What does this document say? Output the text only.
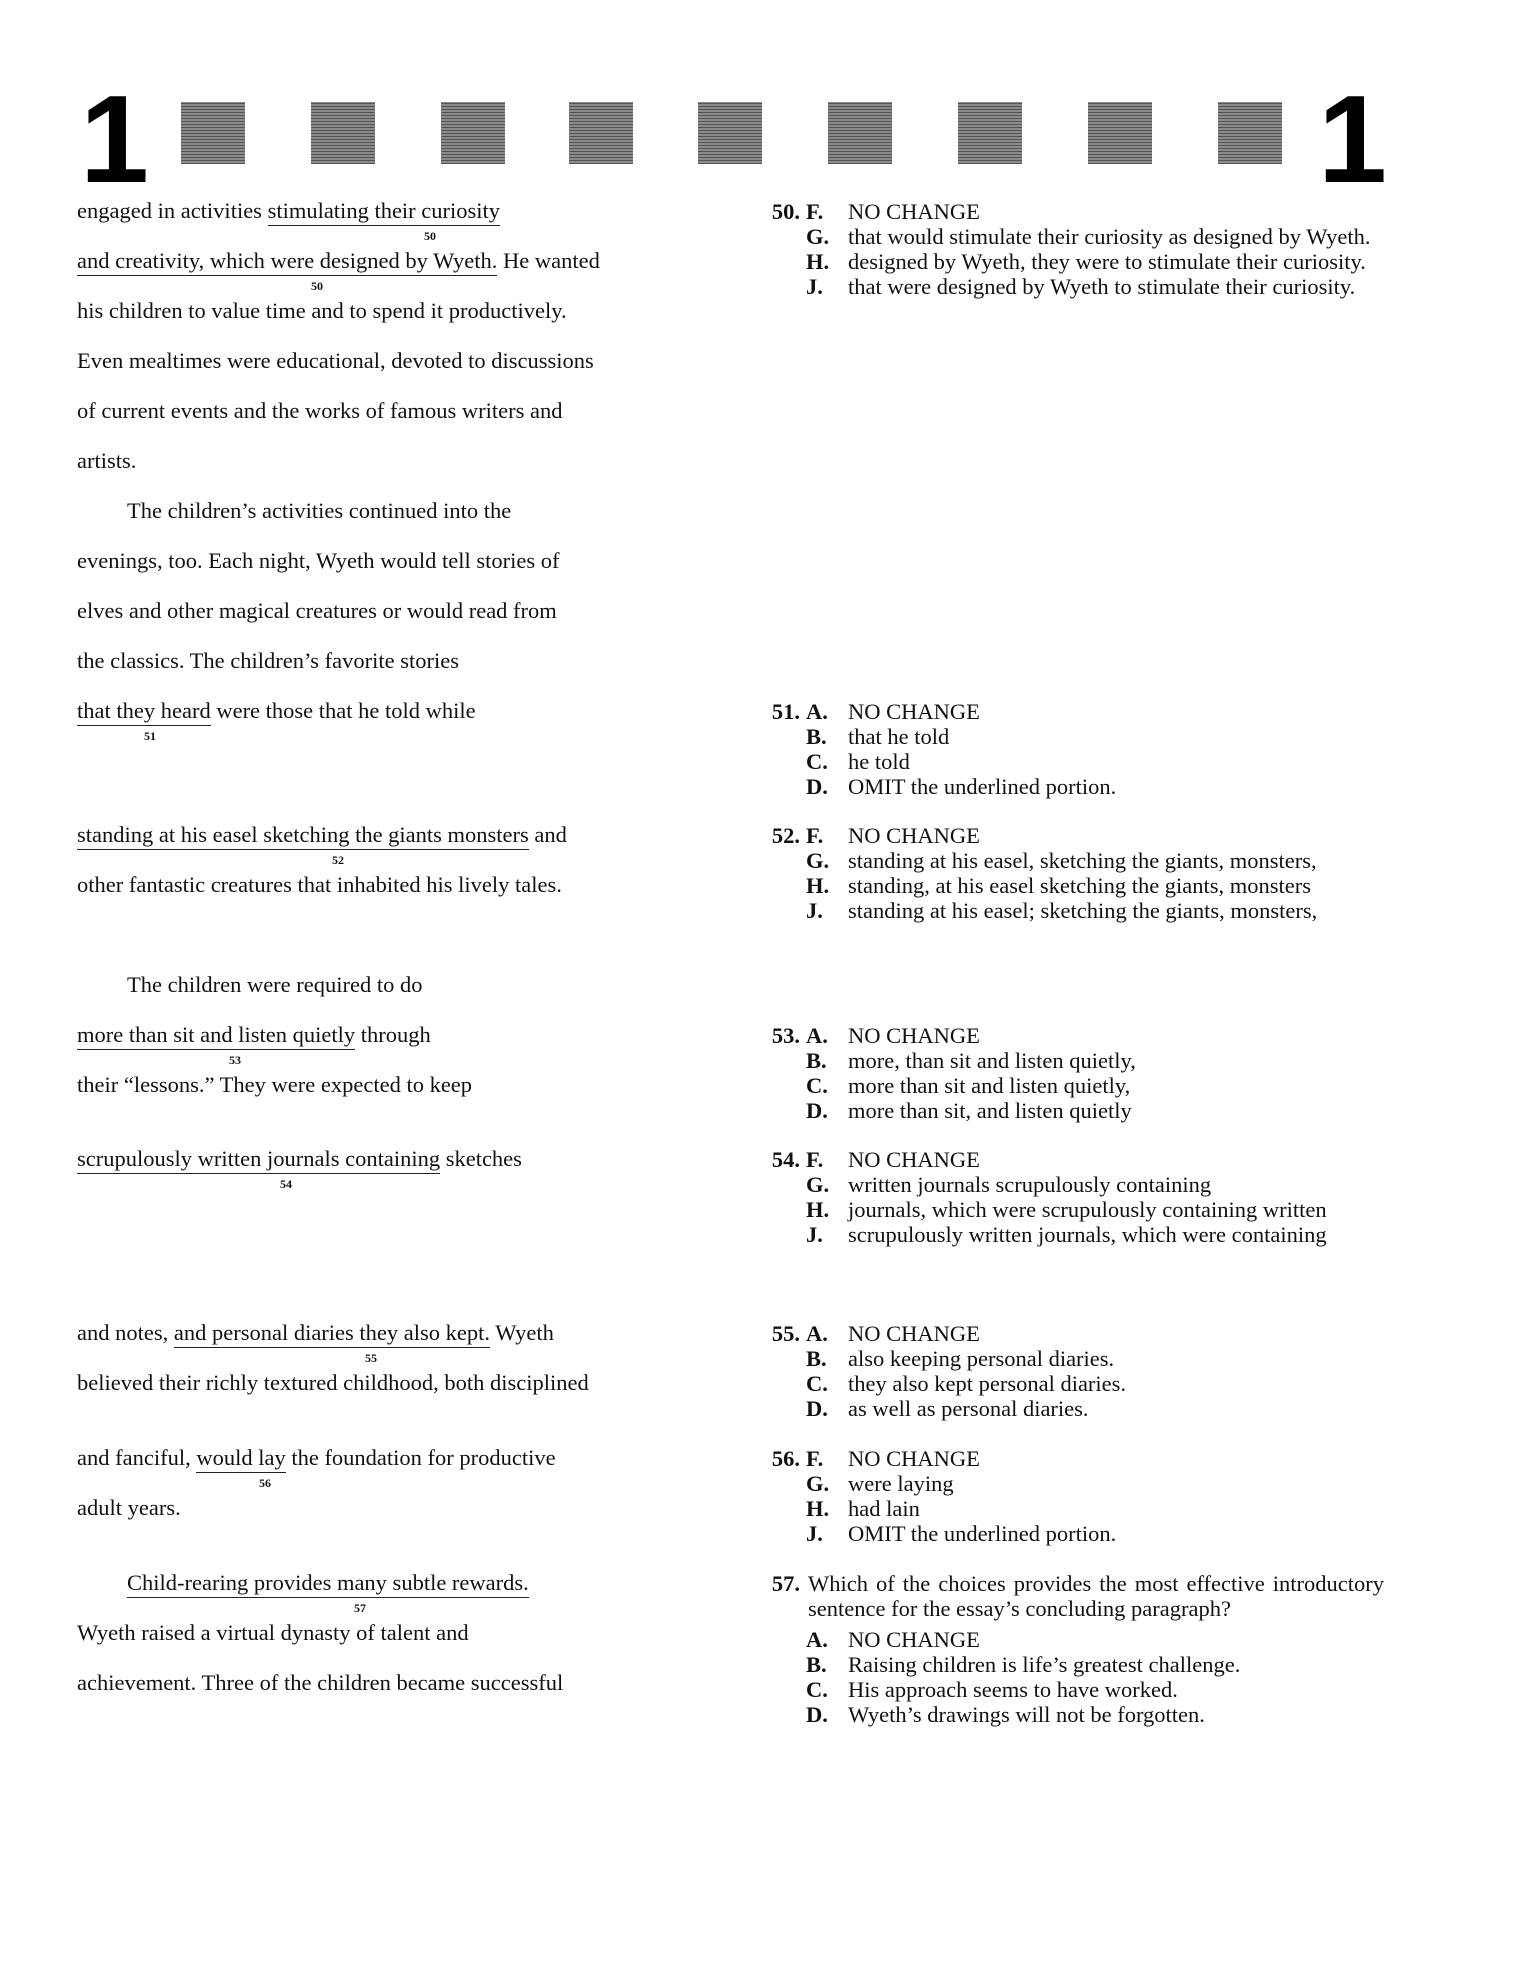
1	1
engaged in activities stimulating their curiosity
50
and creativity, which were designed by Wyeth. He wanted
50
his children to value time and to spend it productively.
Even mealtimes were educational, devoted to discussions
of current events and the works of famous writers and
artists.
The children’s activities continued into the
evenings, too. Each night, Wyeth would tell stories of
elves and other magical creatures or would read from
the classics. The children’s favorite stories
that they heard were those that he told while
51
standing at his easel sketching the giants monsters and
52
other fantastic creatures that inhabited his lively tales.
The children were required to do
more than sit and listen quietly through
53
their “lessons.” They were expected to keep
scrupulously written journals containing sketches
54
and notes, and personal diaries they also kept. Wyeth
55
believed their richly textured childhood, both disciplined
and fanciful, would lay the foundation for productive
56
adult years.
Child-rearing provides many subtle rewards.
57
Wyeth raised a virtual dynasty of talent and
achievement. Three of the children became successful
50. F.	NO CHANGE
G. that would stimulate their curiosity as designed by Wyeth.
H. designed by Wyeth, they were to stimulate their curiosity.
J.	that were designed by Wyeth to stimulate their curiosity.
51. A. NO CHANGE
B. that he told
C. he told
D. OMIT the underlined portion.
52. F.	NO CHANGE
G. standing at his easel, sketching the giants, monsters,
H. standing, at his easel sketching the giants, monsters
J.	standing at his easel; sketching the giants, monsters,
53. A. NO CHANGE
B. more, than sit and listen quietly,
C. more than sit and listen quietly,
D. more than sit, and listen quietly
54. F.	NO CHANGE
G. written journals scrupulously containing
H. journals, which were scrupulously containing written
J.	scrupulously written journals, which were containing
55. A. NO CHANGE
B. also keeping personal diaries.
C. they also kept personal diaries.
D. as well as personal diaries.
56. F.	NO CHANGE
G. were laying
H. had lain
J.	OMIT the underlined portion.
57. Which of the choices provides the most effective introductory sentence for the essay’s concluding paragraph?
A. NO CHANGE
B. Raising children is life’s greatest challenge.
C. His approach seems to have worked.
D. Wyeth’s drawings will not be forgotten.
